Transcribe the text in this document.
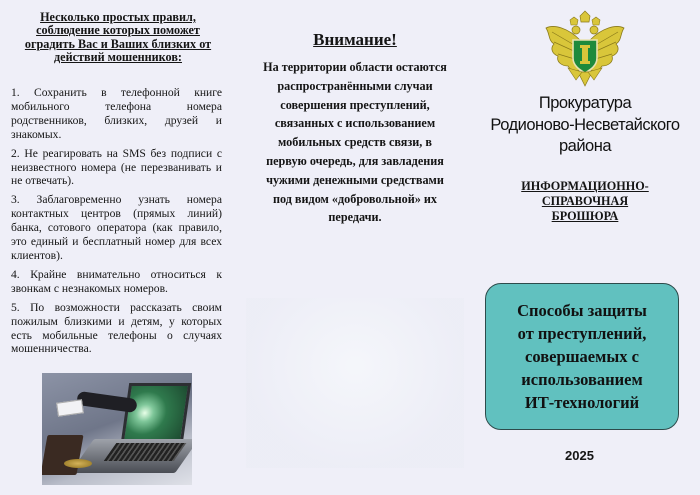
Несколько простых правил, соблюдение которых поможет оградить Вас и Ваших близких от действий мошенников:

1. Сохранить в телефонной книге мобильного телефона номера родственников, близких, друзей и знакомых.

2. Не реагировать на SMS без подписи с неизвестного номера (не перезванивать и не отвечать).

3. Заблаговременно узнать номера контактных центров (прямых линий) банка, сотового оператора (как правило, это единый и бесплатный номер для всех клиентов).

4. Крайне внимательно относиться к звонкам с незнакомых номеров.

5. По возможности рассказать своим пожилым близкими и детям, у которых есть мобильные телефоны о случаях мошенничества.

Внимание!

На территории области остаются распространёнными случаи совершения преступлений, связанных с использованием мобильных средств связи, в первую очередь, для завладения чужими денежными средствами под видом «добровольной» их передачи.

Прокуратура
Родионово-Несветайского
района
ИНФОРМАЦИОННО-
СПРАВОЧНАЯ
БРОШЮРА
Способы защиты
от преступлений,
совершаемых с
использованием
ИТ-технологий
2025
